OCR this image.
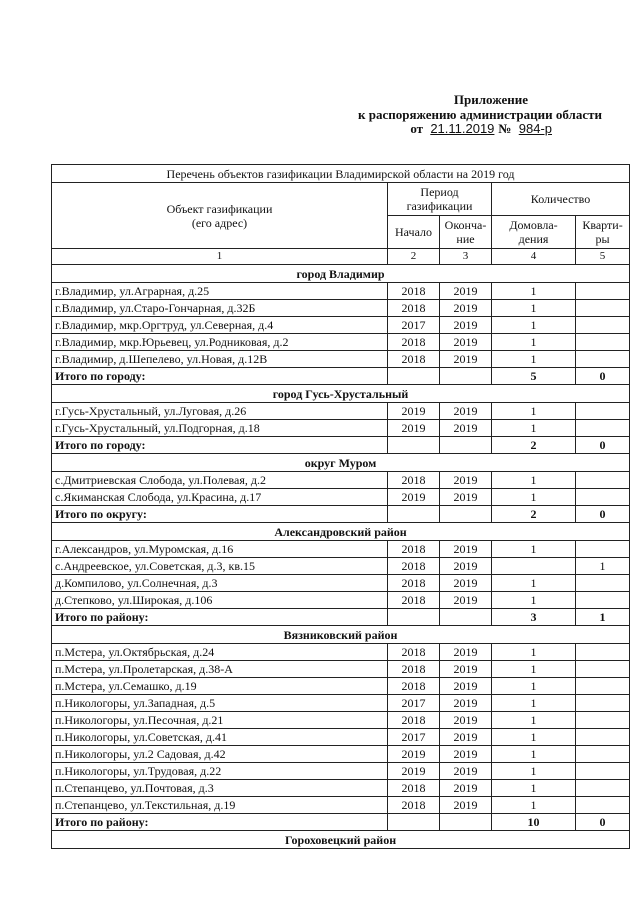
Приложение
к распоряжению администрации области
от 21.11.2019 № 984-р
Перечень объектов газификации Владимирской области на 2019 год				
Объект газификации
(его адрес)	Период газификации		Количество	
	Начало	Оконча-ние	Домовла-дения	Кварти-ры
1	2	3	4	5
город Владимир				
г.Владимир, ул.Аграрная, д.25	2018	2019	1	
г.Владимир, ул.Старо-Гончарная, д.32Б	2018	2019	1	
г.Владимир, мкр.Оргтруд, ул.Северная, д.4	2017	2019	1	
г.Владимир, мкр.Юрьевец, ул.Родниковая, д.2	2018	2019	1	
г.Владимир, д.Шепелево, ул.Новая, д.12В	2018	2019	1	
Итого по городу:			5	0
город Гусь-Хрустальный				
г.Гусь-Хрустальный, ул.Луговая, д.26	2019	2019	1	
г.Гусь-Хрустальный, ул.Подгорная, д.18	2019	2019	1	
Итого по городу:			2	0
округ Муром				
с.Дмитриевская Слобода, ул.Полевая, д.2	2018	2019	1	
с.Якиманская Слобода, ул.Красина, д.17	2019	2019	1	
Итого по округу:			2	0
Александровский район				
г.Александров, ул.Муромская, д.16	2018	2019	1	
с.Андреевское, ул.Советская, д.3, кв.15	2018	2019		1
д.Компилово, ул.Солнечная, д.3	2018	2019	1	
д.Степково, ул.Широкая, д.106	2018	2019	1	
Итого по району:			3	1
Вязниковский район				
п.Мстера, ул.Октябрьская, д.24	2018	2019	1	
п.Мстера, ул.Пролетарская, д.38-А	2018	2019	1	
п.Мстера, ул.Семашко, д.19	2018	2019	1	
п.Никологоры, ул.Западная, д.5	2017	2019	1	
п.Никологоры, ул.Песочная, д.21	2018	2019	1	
п.Никологоры, ул.Советская, д.41	2017	2019	1	
п.Никологоры, ул.2 Садовая, д.42	2019	2019	1	
п.Никологоры, ул.Трудовая, д.22	2019	2019	1	
п.Степанцево, ул.Почтовая, д.3	2018	2019	1	
п.Степанцево, ул.Текстильная, д.19	2018	2019	1	
Итого по району:			10	0
Гороховецкий район				
